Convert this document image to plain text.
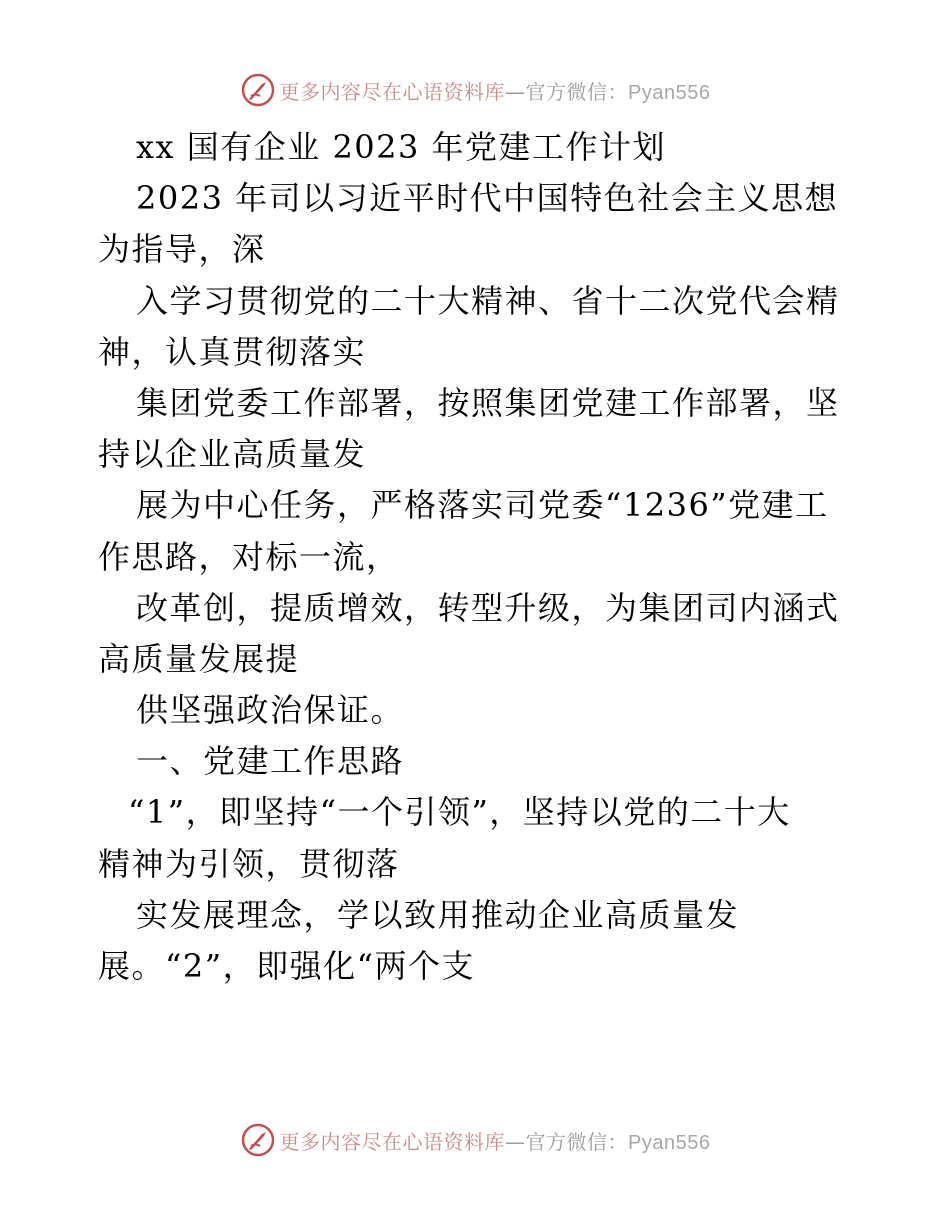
更多内容尽在心语资料库—官方微信：Pyan556
xx 国有企业 2023 年党建工作计划
2023 年司以习近平时代中国特色社会主义思想
为指导，深
入学习贯彻党的二十大精神、省十二次党代会精
神，认真贯彻落实
集团党委工作部署，按照集团党建工作部署，坚
持以企业高质量发
展为中心任务，严格落实司党委“1236”党建工
作思路，对标一流，
改革创，提质增效，转型升级，为集团司内涵式
高质量发展提
供坚强政治保证。
一、党建工作思路
“1”，即坚持“一个引领”，坚持以党的二十大
精神为引领，贯彻落
实发展理念，学以致用推动企业高质量发
展。“2”，即强化“两个支
更多内容尽在心语资料库—官方微信：Pyan556
